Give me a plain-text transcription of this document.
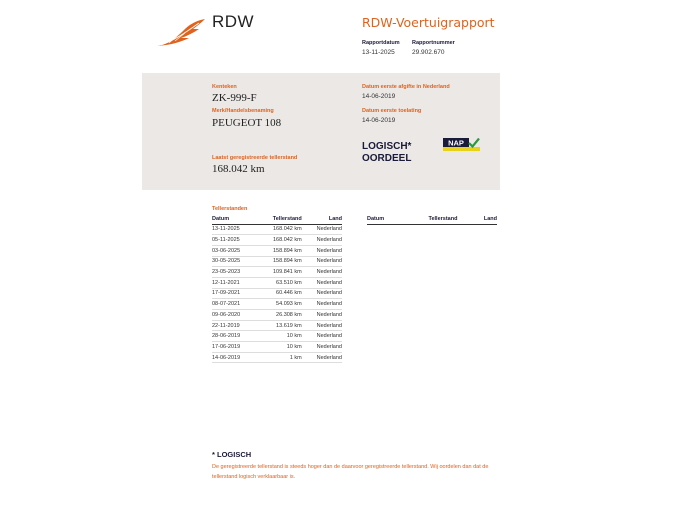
RDW	RDW-Voertuigrapport
Rapportdatum
13-11-2025
Rapportnummer
29.902.670
Kenteken
ZK-999-F
Merk/Handelsbenaming
PEUGEOT 108
Laatst geregistreerde tellerstand
168.042 km
Datum eerste afgifte in Nederland
14-06-2019
Datum eerste toelating
14-06-2019
LOGISCH*
OORDEEL
NAP
Tellerstanden
Datum	Tellerstand	Land
13-11-2025	168.042 km	Nederland
05-11-2025	168.042 km	Nederland
03-06-2025	158.894 km	Nederland
30-05-2025	158.894 km	Nederland
23-05-2023	109.841 km	Nederland
12-11-2021	63.510 km	Nederland
17-09-2021	60.446 km	Nederland
08-07-2021	54.093 km	Nederland
09-06-2020	26.308 km	Nederland
22-11-2019	13.619 km	Nederland
28-06-2019	10 km	Nederland
17-06-2019	10 km	Nederland
14-06-2019	1 km	Nederland
Datum	Tellerstand	Land
* LOGISCH
De geregistreerde tellerstand is steeds hoger dan de daarvoor geregistreerde tellerstand. Wij oordelen dan dat de tellerstand logisch verklaarbaar is.
